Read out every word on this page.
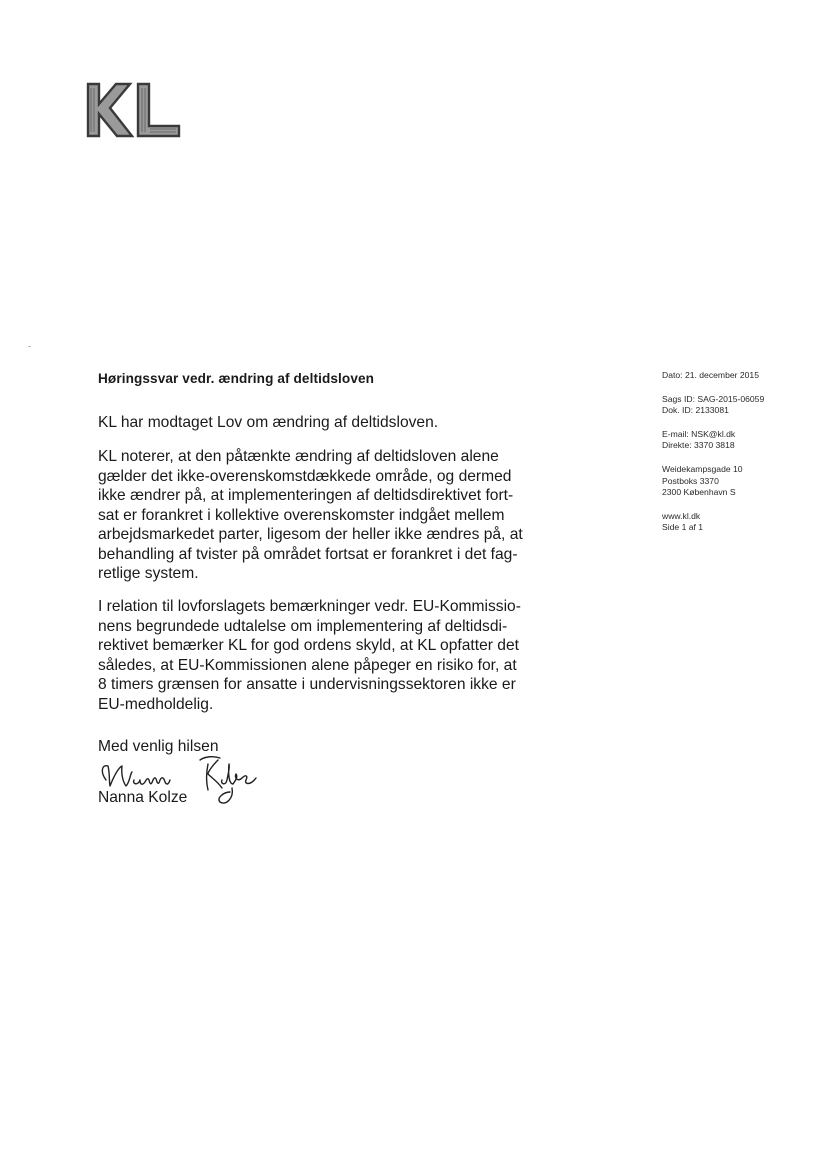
Høringssvar vedr. ændring af deltidsloven
KL har modtaget Lov om ændring af deltidsloven.
KL noterer, at den påtænkte ændring af deltidsloven alene
gælder det ikke-overenskomstdækkede område, og dermed
ikke ændrer på, at implementeringen af deltidsdirektivet fort-
sat er forankret i kollektive overenskomster indgået mellem
arbejdsmarkedet parter, ligesom der heller ikke ændres på, at
behandling af tvister på området fortsat er forankret i det fag-
retlige system.
I relation til lovforslagets bemærkninger vedr. EU-Kommissio-
nens begrundede udtalelse om implementering af deltidsdi-
rektivet bemærker KL for god ordens skyld, at KL opfatter det
således, at EU-Kommissionen alene påpeger en risiko for, at
8 timers grænsen for ansatte i undervisningssektoren ikke er
EU-medholdelig.
Med venlig hilsen
Nanna Kolze
Dato: 21. december 2015
Sags ID: SAG-2015-06059
Dok. ID: 2133081
E-mail: NSK@kl.dk
Direkte: 3370 3818
Weidekampsgade 10
Postboks 3370
2300 København S
www.kl.dk
Side 1 af 1
